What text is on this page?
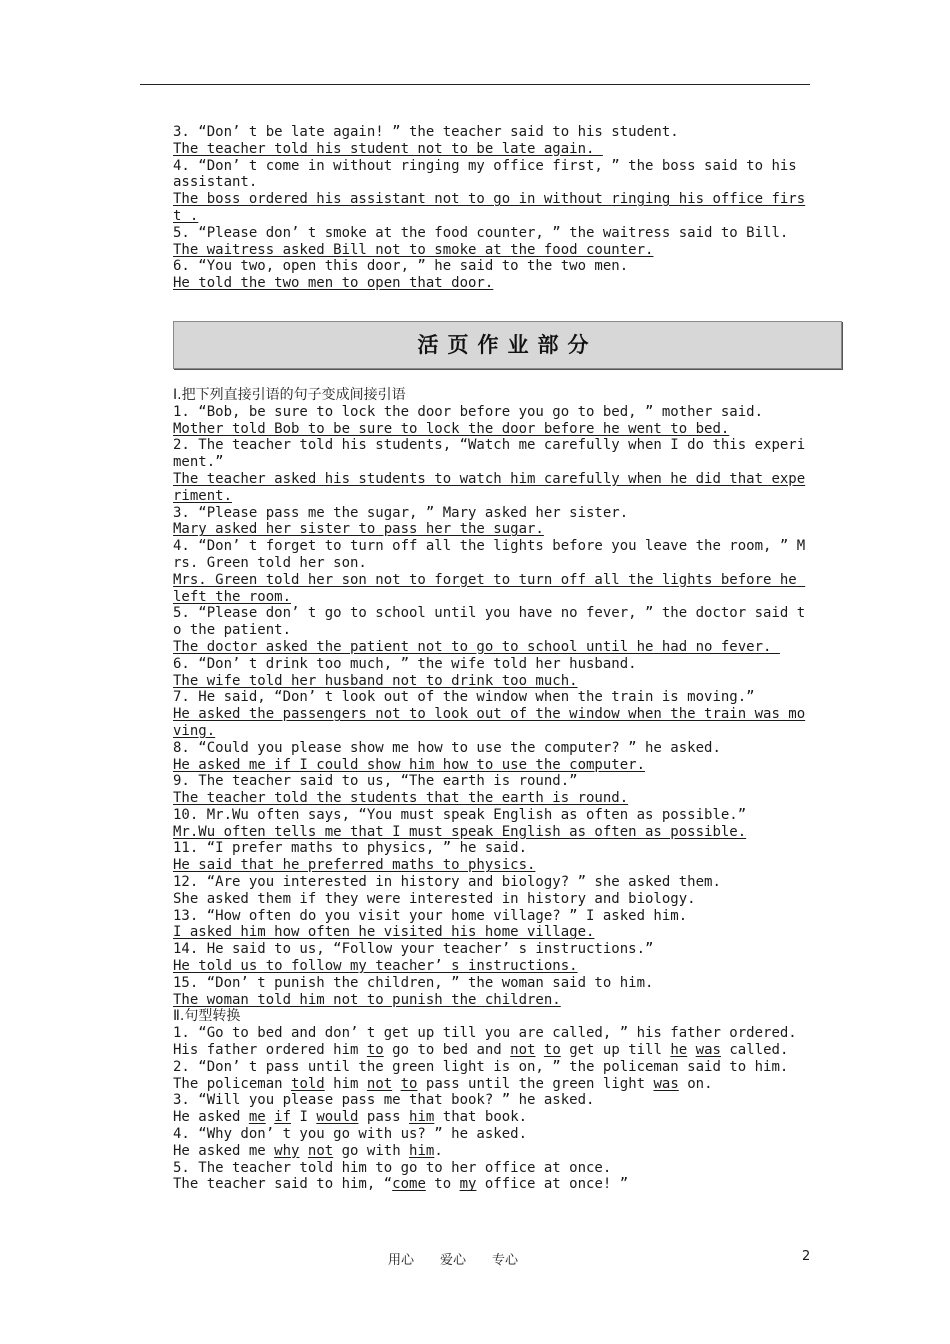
3. “Don’ t be late again! ” the teacher said to his student.
The teacher told his student not to be late again.
4. “Don’ t come in without ringing my office first, ” the boss said to his assistant.
The boss ordered his assistant not to go in without ringing his office first .
5. “Please don’ t smoke at the food counter, ” the waitress said to Bill.
The waitress asked Bill not to smoke at the food counter.
6. “You two, open this door, ” he said to the two men.
He told the two men to open that door.
活页作业部分
Ⅰ.把下列直接引语的句子变成间接引语
1. “Bob, be sure to lock the door before you go to bed, ” mother said.
Mother told Bob to be sure to lock the door before he went to bed.
2. The teacher told his students, “Watch me carefully when I do this experiment.”
The teacher asked his students to watch him carefully when he did that experiment.
3. “Please pass me the sugar, ” Mary asked her sister.
Mary asked her sister to pass her the sugar.
4. “Don’ t forget to turn off all the lights before you leave the room, ” Mrs. Green told her son.
Mrs. Green told her son not to forget to turn off all the lights before he left the room.
5. “Please don’ t go to school until you have no fever, ” the doctor said to the patient.
The doctor asked the patient not to go to school until he had no fever.
6. “Don’ t drink too much, ” the wife told her husband.
The wife told her husband not to drink too much.
7. He said, “Don’ t look out of the window when the train is moving.”
He asked the passengers not to look out of the window when the train was moving.
8. “Could you please show me how to use the computer? ” he asked.
He asked me if I could show him how to use the computer.
9. The teacher said to us, “The earth is round.”
The teacher told the students that the earth is round.
10. Mr.Wu often says, “You must speak English as often as possible.”
Mr.Wu often tells me that I must speak English as often as possible.
11. “I prefer maths to physics, ” he said.
He said that he preferred maths to physics.
12. “Are you interested in history and biology? ” she asked them.
She asked them if they were interested in history and biology.
13. “How often do you visit your home village? ” I asked him.
I asked him how often he visited his home village.
14. He said to us, “Follow your teacher’ s instructions.”
He told us to follow my teacher’ s instructions.
15. “Don’ t punish the children, ” the woman said to him.
The woman told him not to punish the children.
Ⅱ.句型转换
1. “Go to bed and don’ t get up till you are called, ” his father ordered.
His father ordered him to go to bed and not to get up till he was called.
2. “Don’ t pass until the green light is on, ” the policeman said to him.
The policeman told him not to pass until the green light was on.
3. “Will you please pass me that book? ” he asked.
He asked me if I would pass him that book.
4. “Why don’ t you go with us? ” he asked.
He asked me why not go with him.
5. The teacher told him to go to her office at once.
The teacher said to him, “come to my office at once! ”
用心　　爱心　　专心	2
